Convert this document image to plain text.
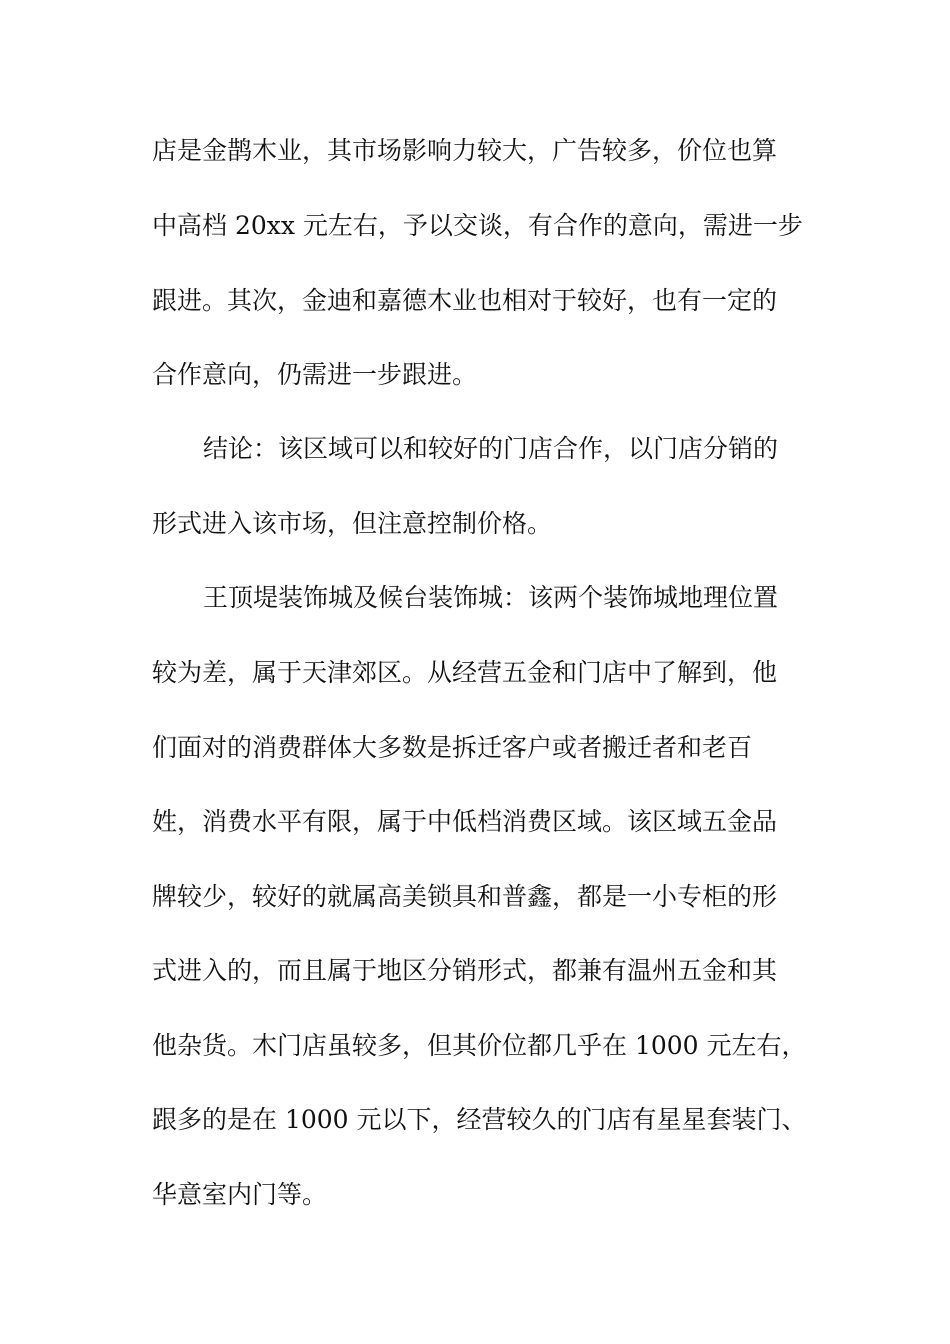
店是金鹊木业，其市场影响力较大，广告较多，价位也算

中高档 20xx 元左右，予以交谈，有合作的意向，需进一步

跟进。其次，金迪和嘉德木业也相对于较好，也有一定的

合作意向，仍需进一步跟进。

结论：该区域可以和较好的门店合作，以门店分销的

形式进入该市场，但注意控制价格。

王顶堤装饰城及候台装饰城：该两个装饰城地理位置

较为差，属于天津郊区。从经营五金和门店中了解到，他

们面对的消费群体大多数是拆迁客户或者搬迁者和老百

姓，消费水平有限，属于中低档消费区域。该区域五金品

牌较少，较好的就属高美锁具和普鑫，都是一小专柜的形

式进入的，而且属于地区分销形式，都兼有温州五金和其

他杂货。木门店虽较多，但其价位都几乎在 1000 元左右，

跟多的是在 1000 元以下，经营较久的门店有星星套装门、

华意室内门等。
